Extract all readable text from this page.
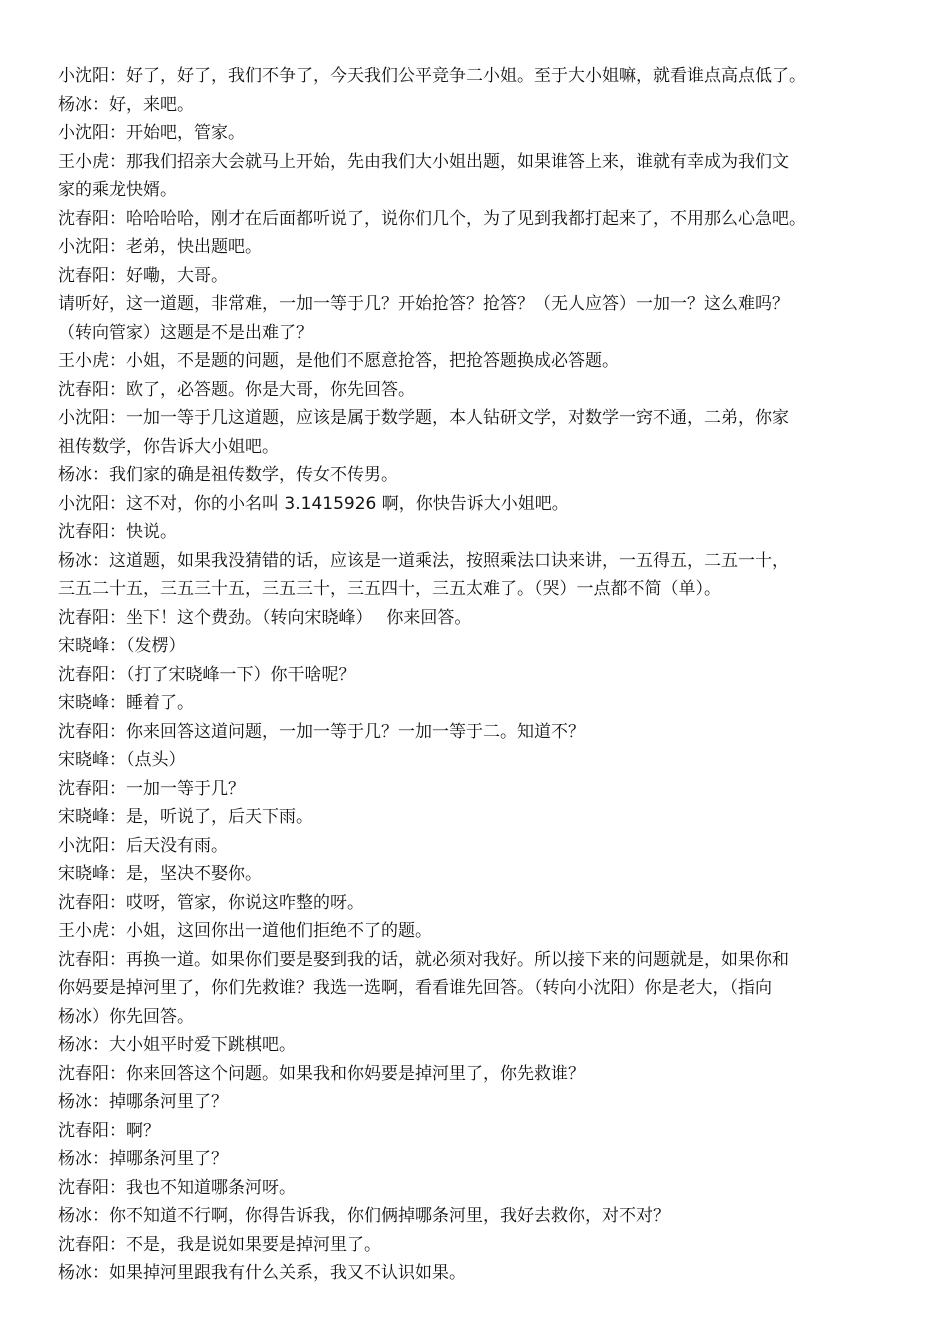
小沈阳：好了，好了，我们不争了，今天我们公平竞争二小姐。至于大小姐嘛，就看谁点高点低了。
杨冰：好，来吧。
小沈阳：开始吧，管家。
王小虎：那我们招亲大会就马上开始，先由我们大小姐出题，如果谁答上来，谁就有幸成为我们文
家的乘龙快婿。
沈春阳：哈哈哈哈，刚才在后面都听说了，说你们几个，为了见到我都打起来了，不用那么心急吧。
小沈阳：老弟，快出题吧。
沈春阳：好嘞，大哥。
请听好，这一道题，非常难，一加一等于几？开始抢答？抢答？（无人应答）一加一？这么难吗？
（转向管家）这题是不是出难了？
王小虎：小姐，不是题的问题，是他们不愿意抢答，把抢答题换成必答题。
沈春阳：欧了，必答题。你是大哥，你先回答。
小沈阳：一加一等于几这道题，应该是属于数学题，本人钻研文学，对数学一窍不通，二弟，你家
祖传数学，你告诉大小姐吧。
杨冰：我们家的确是祖传数学，传女不传男。
小沈阳：这不对，你的小名叫 3.1415926 啊，你快告诉大小姐吧。
沈春阳：快说。
杨冰：这道题，如果我没猜错的话，应该是一道乘法，按照乘法口诀来讲，一五得五，二五一十，
三五二十五，三五三十五，三五三十，三五四十，三五太难了。（哭）一点都不简（单）。
沈春阳：坐下！这个费劲。（转向宋晓峰）　 你来回答。
宋晓峰：（发楞）
沈春阳：（打了宋晓峰一下）你干啥呢？
宋晓峰：睡着了。
沈春阳：你来回答这道问题，一加一等于几？一加一等于二。知道不？
宋晓峰：（点头）
沈春阳：一加一等于几？
宋晓峰：是，听说了，后天下雨。
小沈阳：后天没有雨。
宋晓峰：是，坚决不娶你。
沈春阳：哎呀，管家，你说这咋整的呀。
王小虎：小姐，这回你出一道他们拒绝不了的题。
沈春阳：再换一道。如果你们要是娶到我的话，就必须对我好。所以接下来的问题就是，如果你和
你妈要是掉河里了，你们先救谁？我选一选啊，看看谁先回答。（转向小沈阳）你是老大，（指向
杨冰）你先回答。
杨冰：大小姐平时爱下跳棋吧。
沈春阳：你来回答这个问题。如果我和你妈要是掉河里了，你先救谁？
杨冰：掉哪条河里了？
沈春阳：啊？
杨冰：掉哪条河里了？
沈春阳：我也不知道哪条河呀。
杨冰：你不知道不行啊，你得告诉我，你们俩掉哪条河里，我好去救你，对不对？
沈春阳：不是，我是说如果要是掉河里了。
杨冰：如果掉河里跟我有什么关系，我又不认识如果。
